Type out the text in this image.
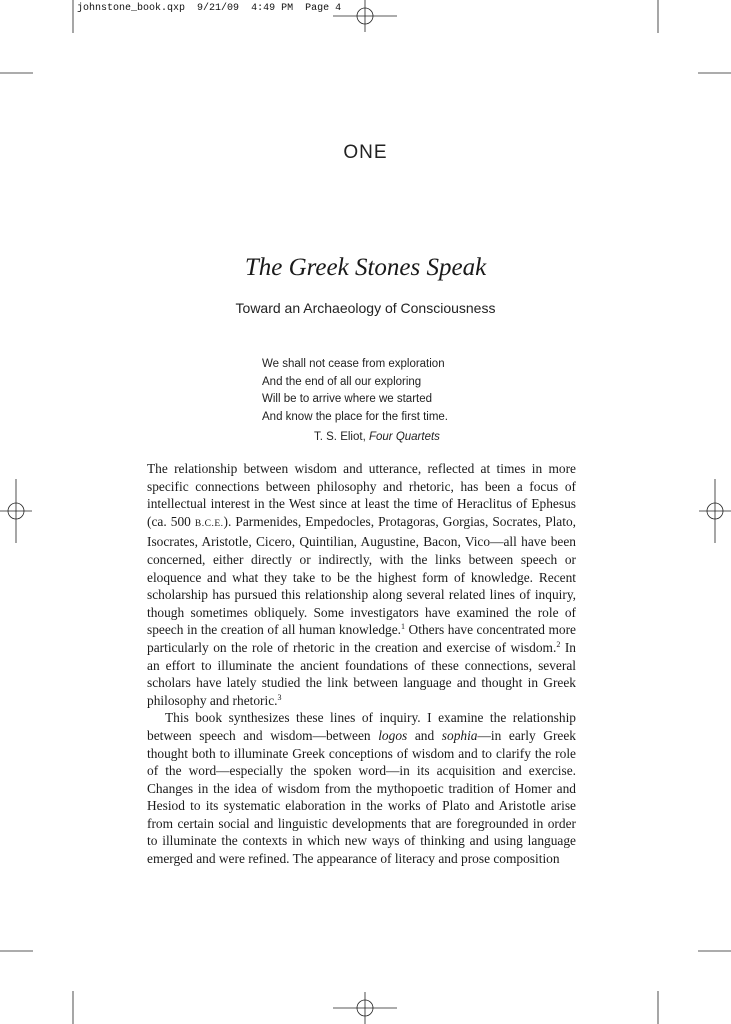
johnstone_book.qxp 9/21/09 4:49 PM Page 4
ONE
The Greek Stones Speak
Toward an Archaeology of Consciousness
We shall not cease from exploration
And the end of all our exploring
Will be to arrive where we started
And know the place for the first time.
T. S. Eliot, Four Quartets

The relationship between wisdom and utterance, reflected at times in more specific connections between philosophy and rhetoric, has been a focus of intellectual interest in the West since at least the time of Heraclitus of Ephesus (ca. 500 B.C.E.). Parmenides, Empedocles, Protagoras, Gorgias, Socrates, Plato, Isocrates, Aristotle, Cicero, Quintilian, Augustine, Bacon, Vico—all have been concerned, either directly or indirectly, with the links between speech or eloquence and what they take to be the highest form of knowledge. Recent scholarship has pursued this relationship along several related lines of inquiry, though sometimes obliquely. Some investigators have examined the role of speech in the creation of all human knowledge.$^1$ Others have concentrated more particularly on the role of rhetoric in the creation and exercise of wisdom.$^2$ In an effort to illuminate the ancient foundations of these connections, several scholars have lately studied the link between language and thought in Greek philosophy and rhetoric.$^3$

This book synthesizes these lines of inquiry. I examine the relationship between speech and wisdom—between logos and sophia—in early Greek thought both to illuminate Greek conceptions of wisdom and to clarify the role of the word—especially the spoken word—in its acquisition and exercise. Changes in the idea of wisdom from the mythopoetic tradition of Homer and Hesiod to its systematic elaboration in the works of Plato and Aristotle arise from certain social and linguistic developments that are foregrounded in order to illuminate the contexts in which new ways of thinking and using language emerged and were refined. The appearance of literacy and prose composition
